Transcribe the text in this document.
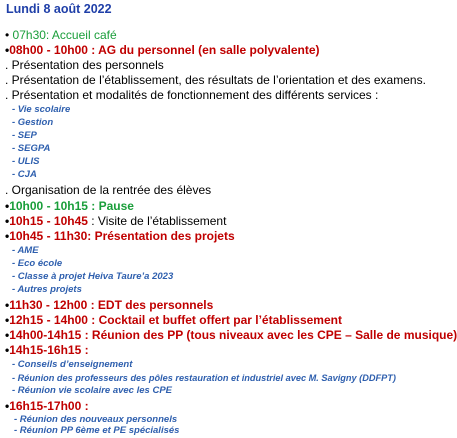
Lundi 8 août 2022
• 07h30: Accueil café
•08h00 - 10h00 : AG du personnel (en salle polyvalente)
. Présentation des personnels
. Présentation de l’établissement, des résultats de l’orientation et des examens.
. Présentation et modalités de fonctionnement des différents services :
- Vie scolaire
- Gestion
- SEP
- SEGPA
- ULIS
- CJA
. Organisation de la rentrée des élèves
•10h00 - 10h15 : Pause
•10h15 - 10h45 : Visite de l’établissement
•10h45 - 11h30: Présentation des projets
- AME
- Eco école
- Classe à projet Heiva Taure’a 2023
- Autres projets
•11h30 - 12h00 : EDT des personnels
•12h15 - 14h00 : Cocktail et buffet offert par l’établissement
•14h00-14h15 : Réunion des PP (tous niveaux avec les CPE – Salle de musique)
•14h15-16h15 :
- Conseils d’enseignement
- Réunion des professeurs des pôles restauration et industriel avec M. Savigny (DDFPT)
- Réunion vie scolaire avec les CPE
•16h15-17h00 :
- Réunion des nouveaux personnels
- Réunion PP 6ème et PE spécialisés
